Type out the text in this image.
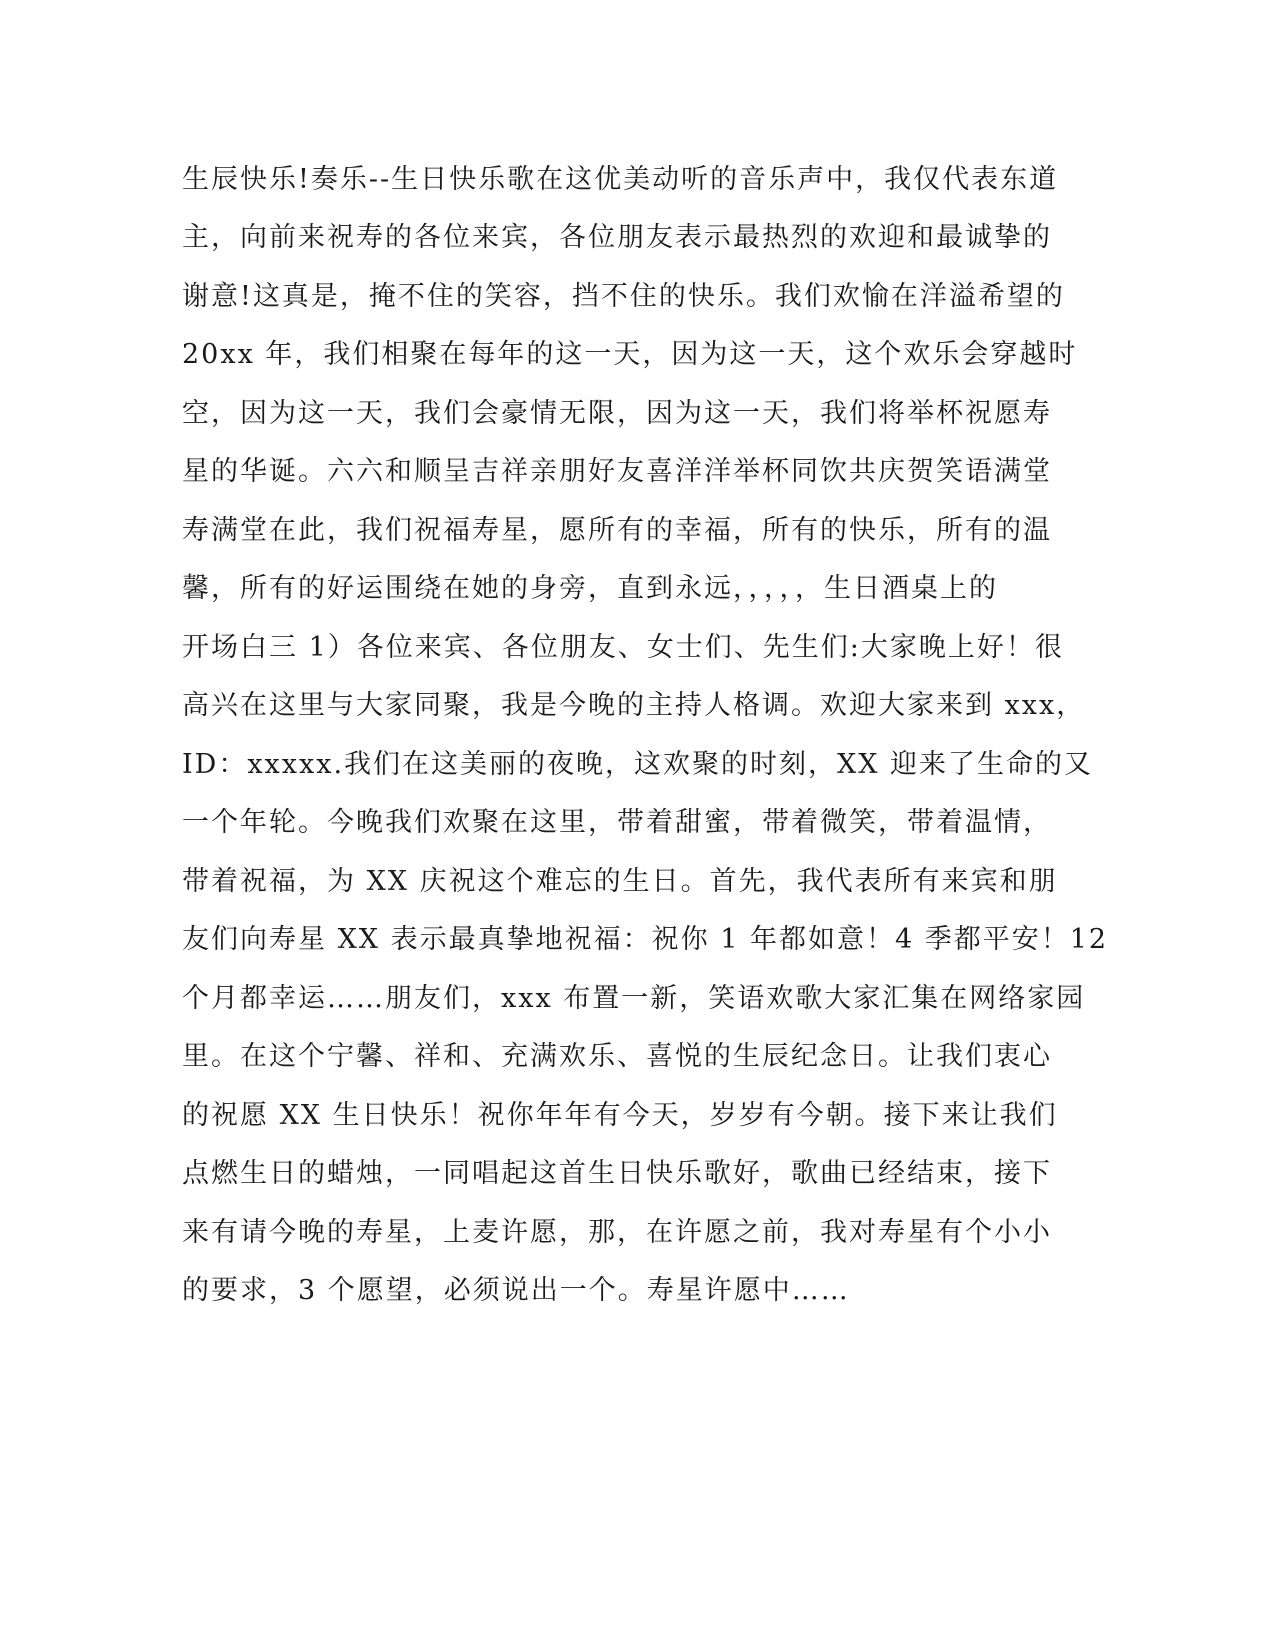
生辰快乐!奏乐--生日快乐歌在这优美动听的音乐声中，我仅代表东道

主，向前来祝寿的各位来宾，各位朋友表示最热烈的欢迎和最诚挚的

谢意!这真是，掩不住的笑容，挡不住的快乐。我们欢愉在洋溢希望的

20xx 年，我们相聚在每年的这一天，因为这一天，这个欢乐会穿越时

空，因为这一天，我们会豪情无限，因为这一天，我们将举杯祝愿寿

星的华诞。六六和顺呈吉祥亲朋好友喜洋洋举杯同饮共庆贺笑语满堂

寿满堂在此，我们祝福寿星，愿所有的幸福，所有的快乐，所有的温

馨，所有的好运围绕在她的身旁，直到永远，，，，，生日酒桌上的

开场白三 1）各位来宾、各位朋友、女士们、先生们:大家晚上好！很

高兴在这里与大家同聚，我是今晚的主持人格调。欢迎大家来到 xxx，

ID：xxxxx.我们在这美丽的夜晚，这欢聚的时刻，XX 迎来了生命的又

一个年轮。今晚我们欢聚在这里，带着甜蜜，带着微笑，带着温情，

带着祝福，为 XX 庆祝这个难忘的生日。首先，我代表所有来宾和朋

友们向寿星 XX 表示最真挚地祝福：祝你 1 年都如意！4 季都平安！12

个月都幸运……朋友们，xxx 布置一新，笑语欢歌大家汇集在网络家园

里。在这个宁馨、祥和、充满欢乐、喜悦的生辰纪念日。让我们衷心

的祝愿 XX 生日快乐！祝你年年有今天，岁岁有今朝。接下来让我们

点燃生日的蜡烛，一同唱起这首生日快乐歌好，歌曲已经结束，接下

来有请今晚的寿星，上麦许愿，那，在许愿之前，我对寿星有个小小

的要求，3 个愿望，必须说出一个。寿星许愿中……
